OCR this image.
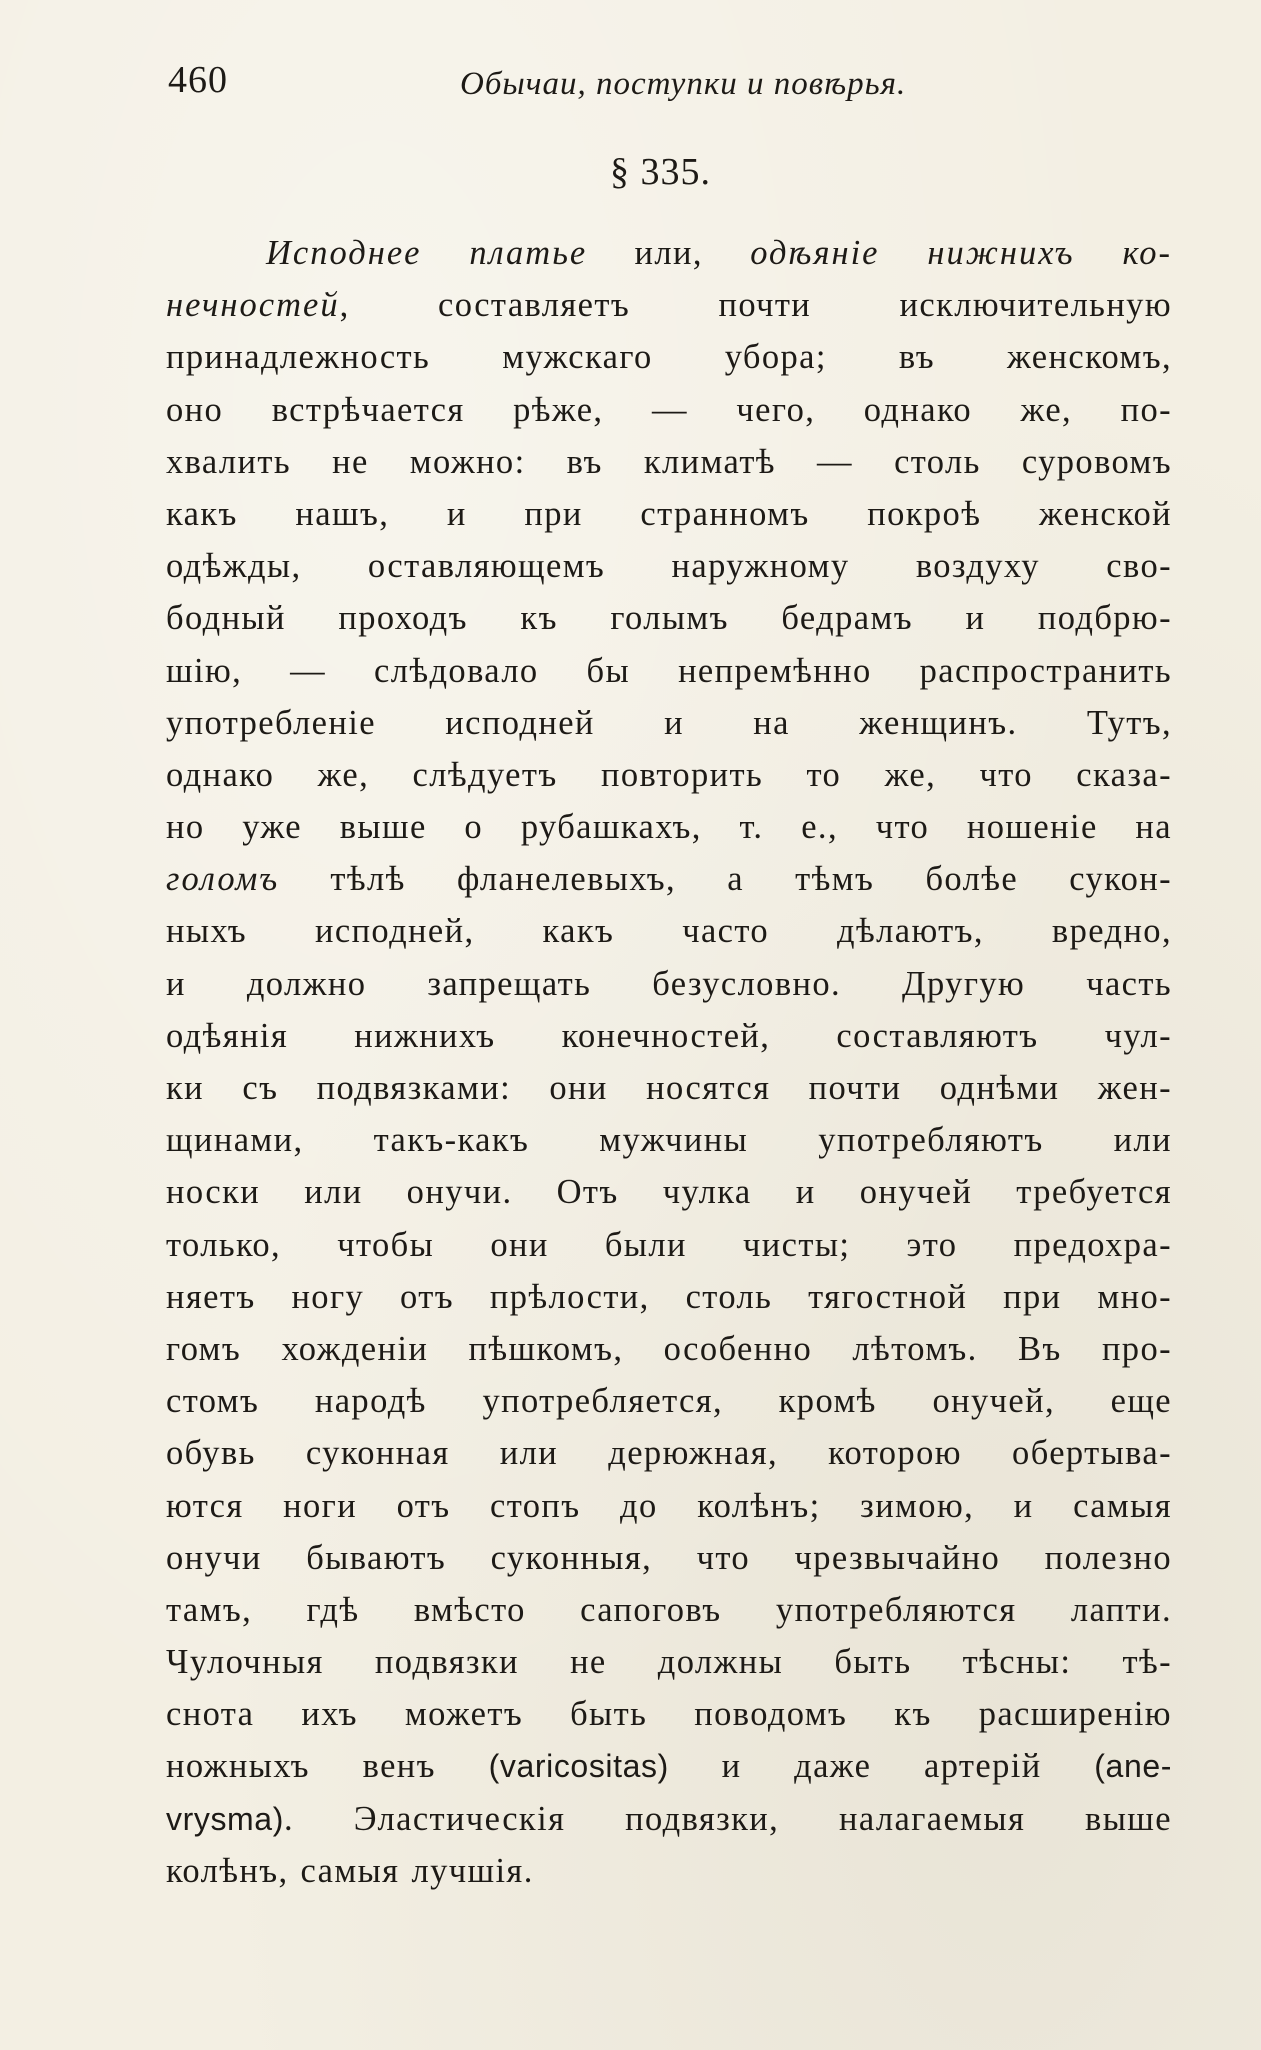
460	Обычаи, поступки и повѣрья.
§ 335.
Исподнее платье или, одѣяніе нижнихъ ко-
нечностей, составляетъ почти исключительную
принадлежность мужскаго убора; въ женскомъ,
оно встрѣчается рѣже, — чего, однако же, по-
хвалить не можно: въ климатѣ — столь суровомъ
какъ нашъ, и при странномъ покроѣ женской
одѣжды, оставляющемъ наружному воздуху сво-
бодный проходъ къ голымъ бедрамъ и подбрю-
шію, — слѣдовало бы непремѣнно распространить
употребленіе исподней и на женщинъ. Тутъ,
однако же, слѣдуетъ повторить то же, что сказа-
но уже выше о рубашкахъ, т. е., что ношеніе на
голомъ тѣлѣ фланелевыхъ, а тѣмъ болѣе сукон-
ныхъ исподней, какъ часто дѣлаютъ, вредно,
и должно запрещать безусловно. Другую часть
одѣянія нижнихъ конечностей, составляютъ чул-
ки съ подвязками: они носятся почти однѣми жен-
щинами, такъ-какъ мужчины употребляютъ или
носки или онучи. Отъ чулка и онучей требуется
только, чтобы они были чисты; это предохра-
няетъ ногу отъ прѣлости, столь тягостной при мно-
гомъ хожденіи пѣшкомъ, особенно лѣтомъ. Въ про-
стомъ народѣ употребляется, кромѣ онучей, еще
обувь суконная или дерюжная, которою обертыва-
ются ноги отъ стопъ до колѣнъ; зимою, и самыя
онучи бываютъ суконныя, что чрезвычайно полезно
тамъ, гдѣ вмѣсто сапоговъ употребляются лапти.
Чулочныя подвязки не должны быть тѣсны: тѣ-
снота ихъ можетъ быть поводомъ къ расширенію
ножныхъ венъ (varicositas) и даже артерій (ane-
vrysma). Эластическія подвязки, налагаемыя выше
колѣнъ, самыя лучшія.
